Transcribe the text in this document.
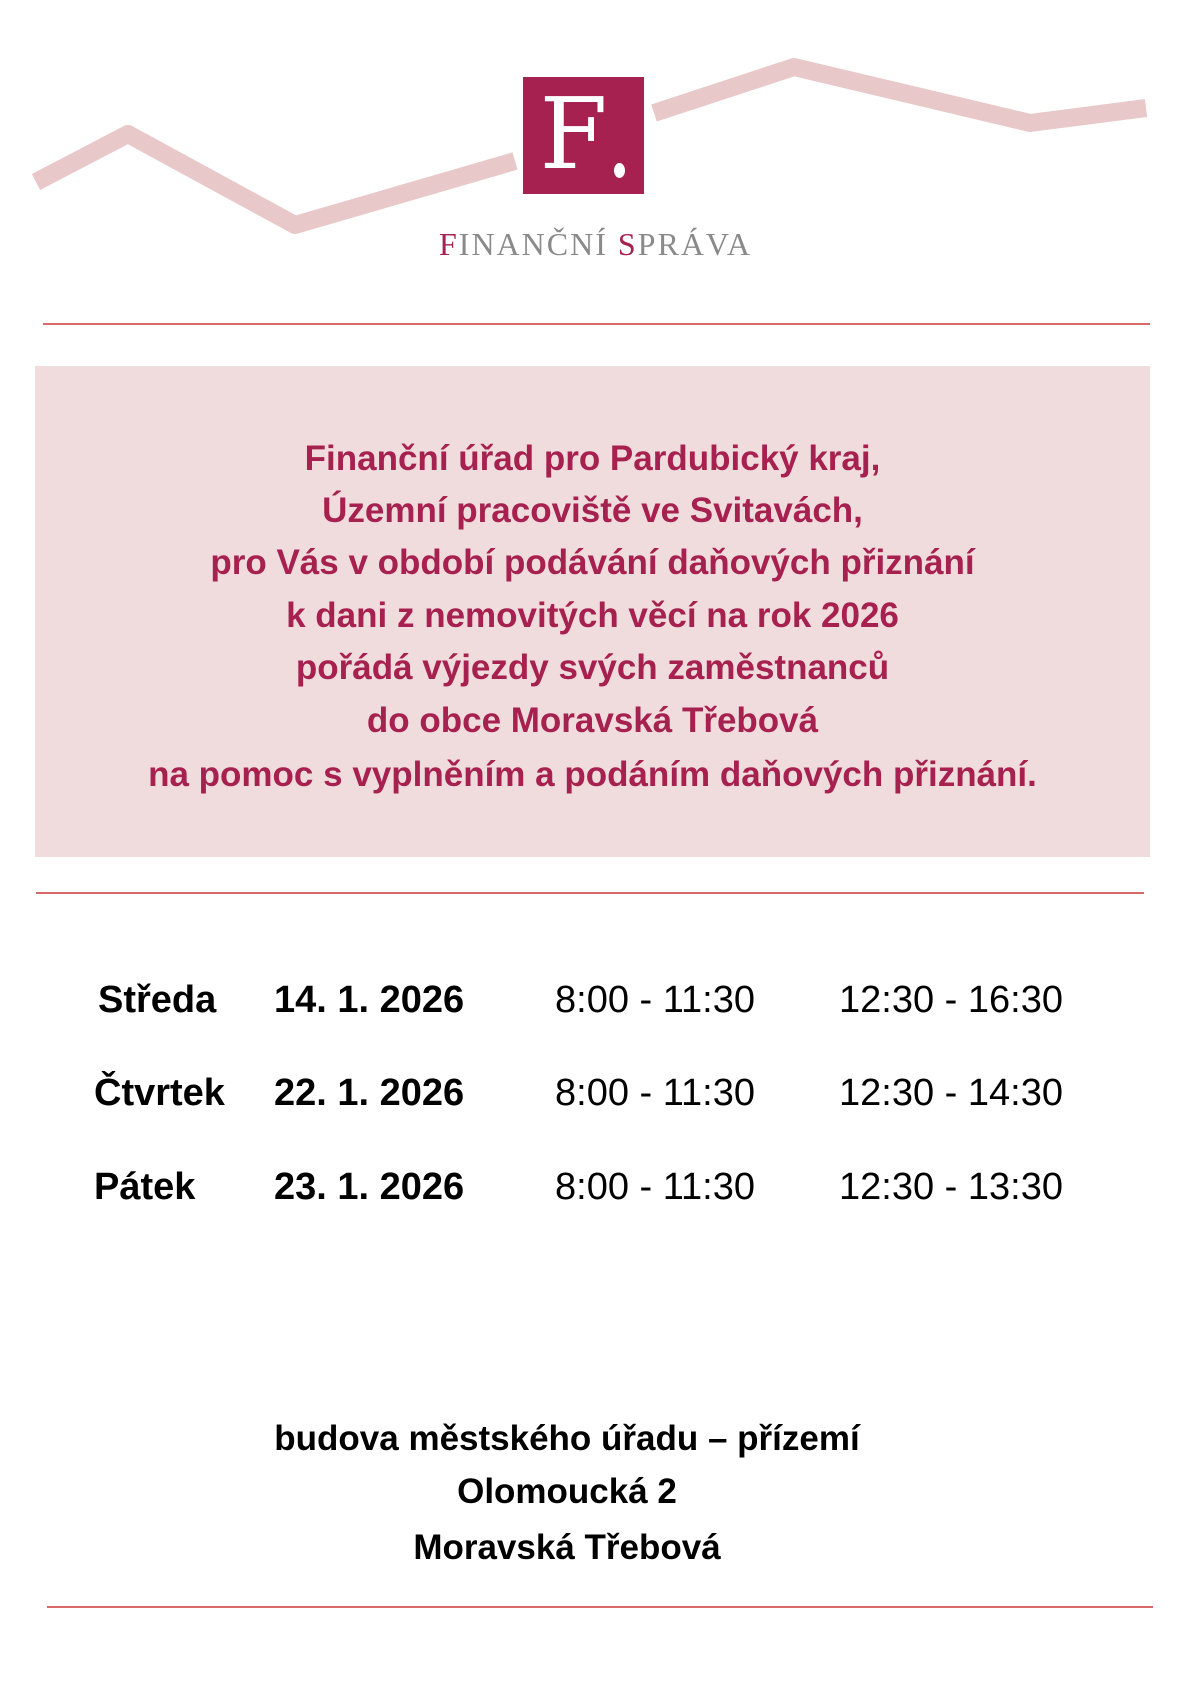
F
FINANČNÍ SPRÁVA
Finanční úřad pro Pardubický kraj,
Územní pracoviště ve Svitavách,
pro Vás v období podávání daňových přiznání
k dani z nemovitých věcí na rok 2026
pořádá výjezdy svých zaměstnanců
do obce Moravská Třebová
na pomoc s vyplněním a podáním daňových přiznání.
Středa 14. 1. 2026 8:00 - 11:30 12:30 - 16:30
Čtvrtek 22. 1. 2026 8:00 - 11:30 12:30 - 14:30
Pátek 23. 1. 2026 8:00 - 11:30 12:30 - 13:30
budova městského úřadu – přízemí
Olomoucká 2
Moravská Třebová
